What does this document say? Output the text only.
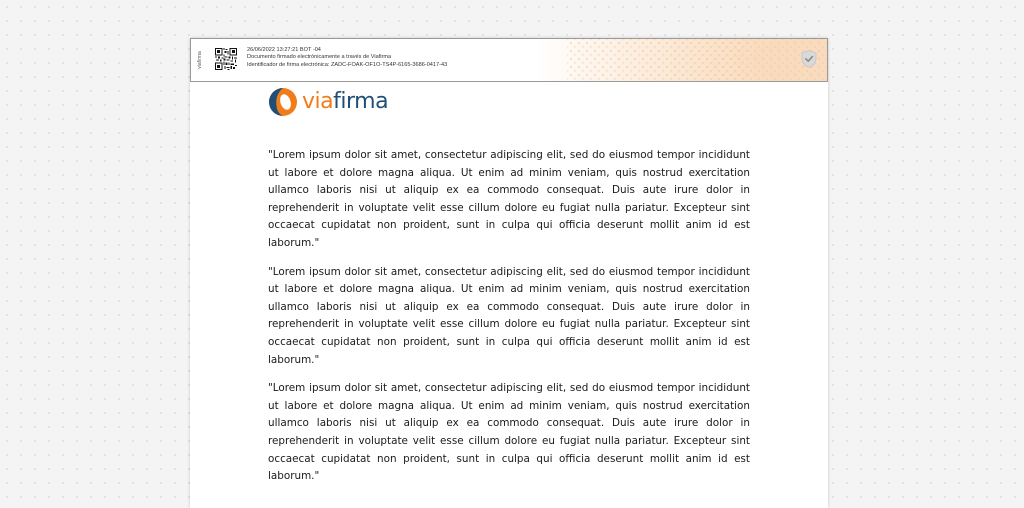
viafirma
26/06/2022 13:27:21 BOT -04
Documento firmado electrónicamente a través de Viafirma
Identificador de firma electrónica: ZADC-FOAK-OF1O-TS4P-6165-3686-0417-43
viafirma

"Lorem ipsum dolor sit amet, consectetur adipiscing elit, sed do eiusmod tempor incididunt ut labore et dolore magna aliqua. Ut enim ad minim veniam, quis nostrud exercitation ullamco laboris nisi ut aliquip ex ea commodo consequat. Duis aute irure dolor in reprehenderit in voluptate velit esse cillum dolore eu fugiat nulla pariatur. Excepteur sint occaecat cupidatat non proident, sunt in culpa qui officia deserunt mollit anim id est laborum."

"Lorem ipsum dolor sit amet, consectetur adipiscing elit, sed do eiusmod tempor incididunt ut labore et dolore magna aliqua. Ut enim ad minim veniam, quis nostrud exercitation ullamco laboris nisi ut aliquip ex ea commodo consequat. Duis aute irure dolor in reprehenderit in voluptate velit esse cillum dolore eu fugiat nulla pariatur. Excepteur sint occaecat cupidatat non proident, sunt in culpa qui officia deserunt mollit anim id est laborum."

"Lorem ipsum dolor sit amet, consectetur adipiscing elit, sed do eiusmod tempor incididunt ut labore et dolore magna aliqua. Ut enim ad minim veniam, quis nostrud exercitation ullamco laboris nisi ut aliquip ex ea commodo consequat. Duis aute irure dolor in reprehenderit in voluptate velit esse cillum dolore eu fugiat nulla pariatur. Excepteur sint occaecat cupidatat non proident, sunt in culpa qui officia deserunt mollit anim id est laborum."
